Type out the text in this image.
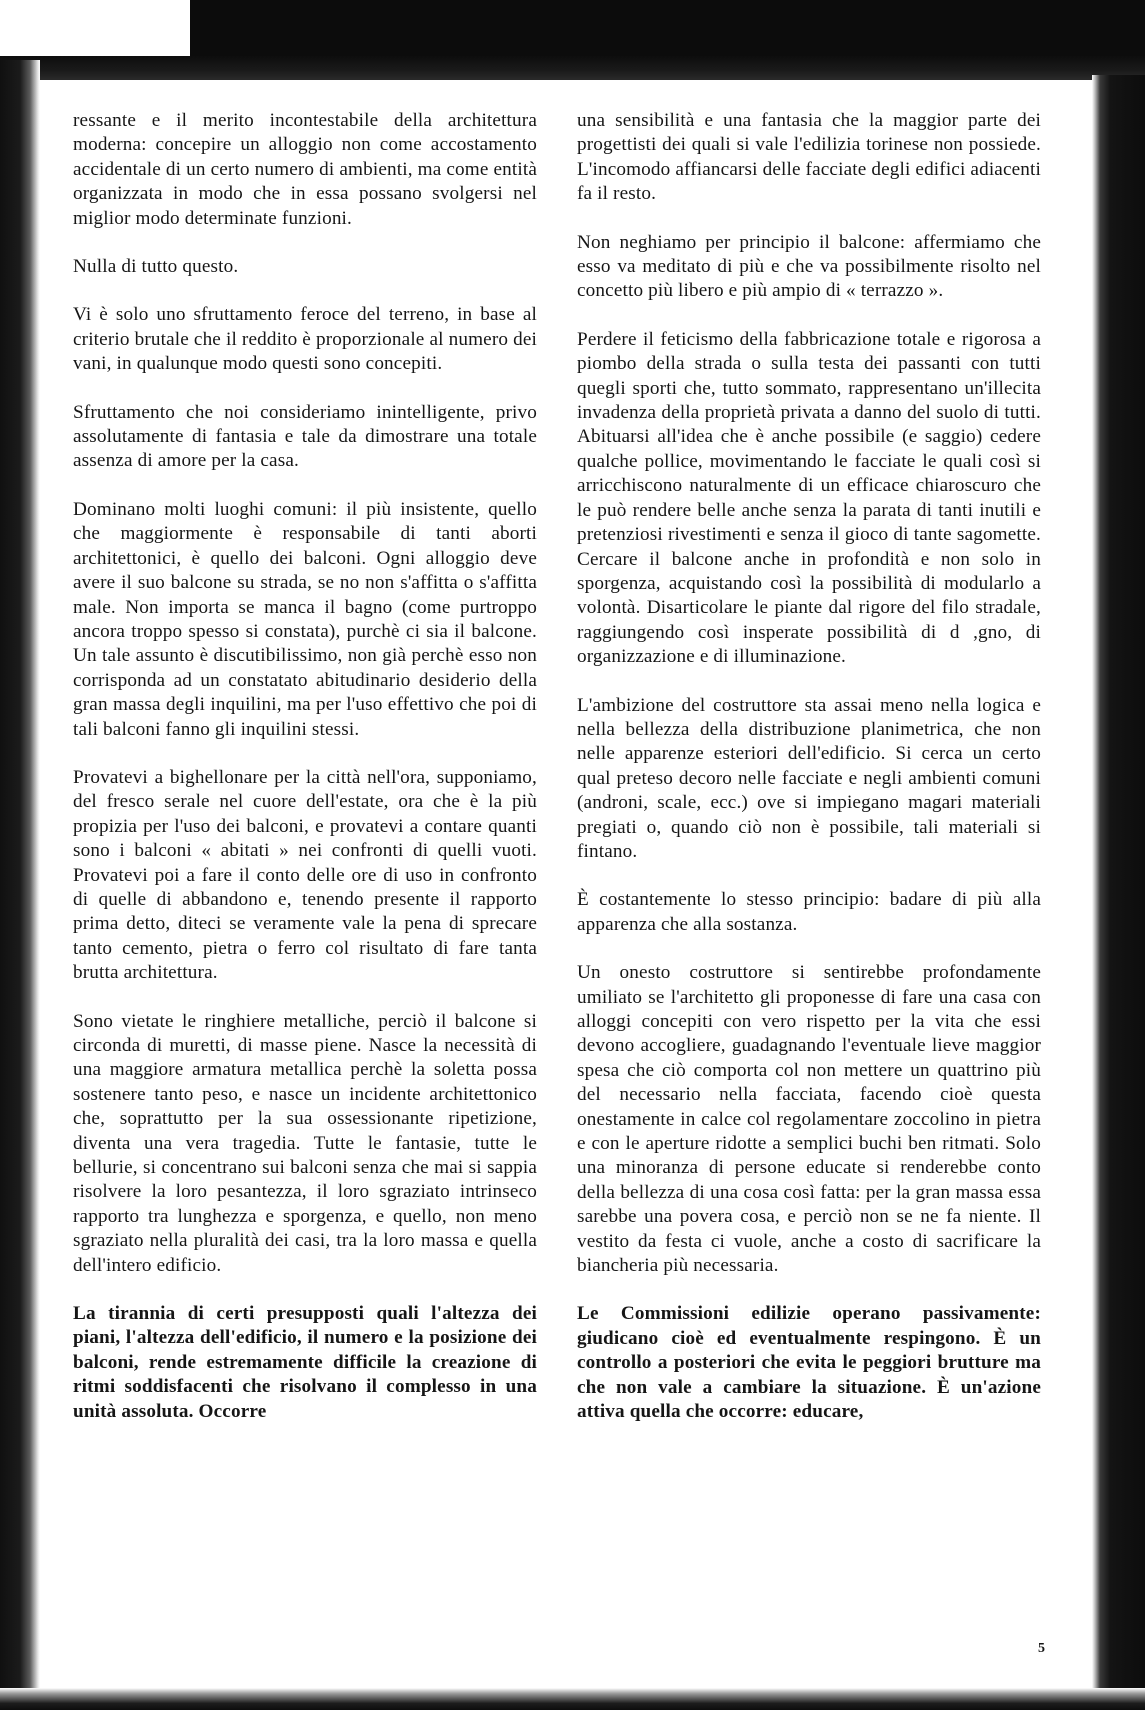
ressante e il merito incontestabile della architettura moderna: concepire un alloggio non come accostamento accidentale di un certo numero di ambienti, ma come entità organizzata in modo che in essa possano svolgersi nel miglior modo determinate funzioni.

Nulla di tutto questo.

Vi è solo uno sfruttamento feroce del terreno, in base al criterio brutale che il reddito è proporzionale al numero dei vani, in qualunque modo questi sono concepiti.

Sfruttamento che noi consideriamo inintelligente, privo assolutamente di fantasia e tale da dimostrare una totale assenza di amore per la casa.

Dominano molti luoghi comuni: il più insistente, quello che maggiormente è responsabile di tanti aborti architettonici, è quello dei balconi. Ogni alloggio deve avere il suo balcone su strada, se no non s'affitta o s'affitta male. Non importa se manca il bagno (come purtroppo ancora troppo spesso si constata), purchè ci sia il balcone. Un tale assunto è discutibilissimo, non già perchè esso non corrisponda ad un constatato abitudinario desiderio della gran massa degli inquilini, ma per l'uso effettivo che poi di tali balconi fanno gli inquilini stessi.

Provatevi a bighellonare per la città nell'ora, supponiamo, del fresco serale nel cuore dell'estate, ora che è la più propizia per l'uso dei balconi, e provatevi a contare quanti sono i balconi « abitati » nei confronti di quelli vuoti. Provatevi poi a fare il conto delle ore di uso in confronto di quelle di abbandono e, tenendo presente il rapporto prima detto, diteci se veramente vale la pena di sprecare tanto cemento, pietra o ferro col risultato di fare tanta brutta architettura.

Sono vietate le ringhiere metalliche, perciò il balcone si circonda di muretti, di masse piene. Nasce la necessità di una maggiore armatura metallica perchè la soletta possa sostenere tanto peso, e nasce un incidente architettonico che, soprattutto per la sua ossessionante ripetizione, diventa una vera tragedia. Tutte le fantasie, tutte le bellurie, si concentrano sui balconi senza che mai si sappia risolvere la loro pesantezza, il loro sgraziato intrinseco rapporto tra lunghezza e sporgenza, e quello, non meno sgraziato nella pluralità dei casi, tra la loro massa e quella dell'intero edificio.

La tirannia di certi presupposti quali l'altezza dei piani, l'altezza dell'edificio, il numero e la posizione dei balconi, rende estremamente difficile la creazione di ritmi soddisfacenti che risolvano il complesso in una unità assoluta. Occorre

una sensibilità e una fantasia che la maggior parte dei progettisti dei quali si vale l'edilizia torinese non possiede. L'incomodo affiancarsi delle facciate degli edifici adiacenti fa il resto.

Non neghiamo per principio il balcone: affermiamo che esso va meditato di più e che va possibilmente risolto nel concetto più libero e più ampio di « terrazzo ».

Perdere il feticismo della fabbricazione totale e rigorosa a piombo della strada o sulla testa dei passanti con tutti quegli sporti che, tutto sommato, rappresentano un'illecita invadenza della proprietà privata a danno del suolo di tutti. Abituarsi all'idea che è anche possibile (e saggio) cedere qualche pollice, movimentando le facciate le quali così si arricchiscono naturalmente di un efficace chiaroscuro che le può rendere belle anche senza la parata di tanti inutili e pretenziosi rivestimenti e senza il gioco di tante sagomette. Cercare il balcone anche in profondità e non solo in sporgenza, acquistando così la possibilità di modularlo a volontà. Disarticolare le piante dal rigore del filo stradale, raggiungendo così insperate possibilità di d ,gno, di organizzazione e di illuminazione.

L'ambizione del costruttore sta assai meno nella logica e nella bellezza della distribuzione planimetrica, che non nelle apparenze esteriori dell'edificio. Si cerca un certo qual preteso decoro nelle facciate e negli ambienti comuni (androni, scale, ecc.) ove si impiegano magari materiali pregiati o, quando ciò non è possibile, tali materiali si fintano.

È costantemente lo stesso principio: badare di più alla apparenza che alla sostanza.

Un onesto costruttore si sentirebbe profondamente umiliato se l'architetto gli proponesse di fare una casa con alloggi concepiti con vero rispetto per la vita che essi devono accogliere, guadagnando l'eventuale lieve maggior spesa che ciò comporta col non mettere un quattrino più del necessario nella facciata, facendo cioè questa onestamente in calce col regolamentare zoccolino in pietra e con le aperture ridotte a semplici buchi ben ritmati. Solo una minoranza di persone educate si renderebbe conto della bellezza di una cosa così fatta: per la gran massa essa sarebbe una povera cosa, e perciò non se ne fa niente. Il vestito da festa ci vuole, anche a costo di sacrificare la biancheria più necessaria.

Le Commissioni edilizie operano passivamente: giudicano cioè ed eventualmente respingono. È un controllo a posteriori che evita le peggiori brutture ma che non vale a cambiare la situazione. È un'azione attiva quella che occorre: educare,

5
